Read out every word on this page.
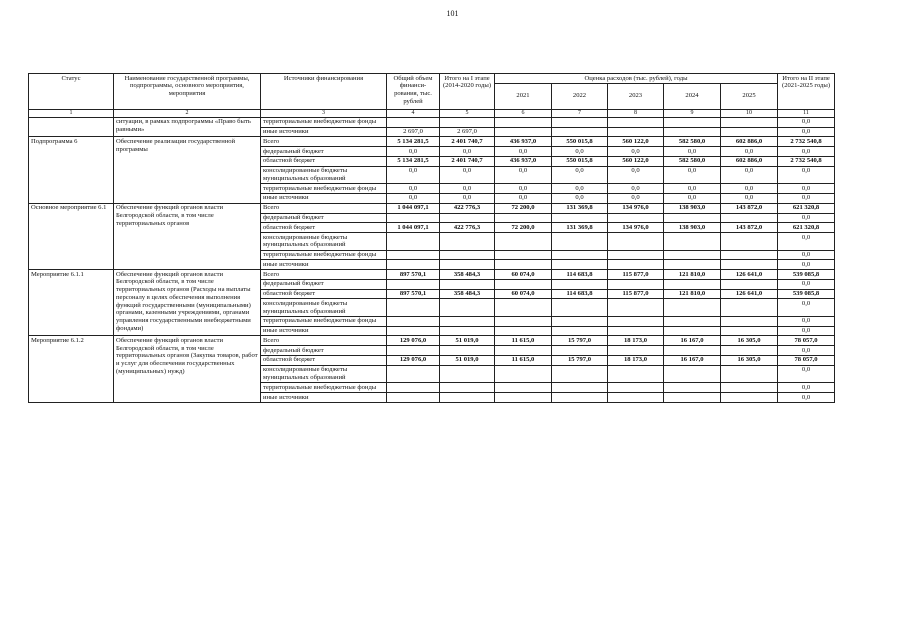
101
Статус	Наименование государственной программы, подпрограммы, основного мероприятия, мероприятия	Источники финансирования	Общий объем финанси-рования, тыс. рублей	Итого на I этапе (2014-2020 годы)	Оценка расходов (тыс. рублей), годы					Итого на II этапе (2021-2025 годы)
					2021	2022	2023	2024	2025	
1	2	3	4	5	6	7	8	9	10	11
	ситуации, в рамках подпрограммы «Право быть равными»	территориальные внебюджетные фонды								0,0
		иные источники	2 697,0	2 697,0						0,0
Подпрограмма 6	Обеспечение реализации государственной программы	Всего	5 134 281,5	2 401 740,7	436 937,0	550 015,8	560 122,0	582 580,0	602 886,0	2 732 540,8
		федеральный бюджет	0,0	0,0	0,0	0,0	0,0	0,0	0,0	0,0
		областной бюджет	5 134 281,5	2 401 740,7	436 937,0	550 015,8	560 122,0	582 580,0	602 886,0	2 732 540,8
		консолидированные бюджеты муниципальных образований	0,0	0,0	0,0	0,0	0,0	0,0	0,0	0,0
		территориальные внебюджетные фонды	0,0	0,0	0,0	0,0	0,0	0,0	0,0	0,0
		иные источники	0,0	0,0	0,0	0,0	0,0	0,0	0,0	0,0
Основное мероприятие 6.1	Обеспечение функций органов власти Белгородской области, в том числе территориальных органов	Всего	1 044 097,1	422 776,3	72 200,0	131 369,8	134 976,0	138 903,0	143 872,0	621 320,8
		федеральный бюджет								0,0
		областной бюджет	1 044 097,1	422 776,3	72 200,0	131 369,8	134 976,0	138 903,0	143 872,0	621 320,8
		консолидированные бюджеты муниципальных образований								0,0
		территориальные внебюджетные фонды								0,0
		иные источники								0,0
Мероприятие 6.1.1	Обеспечение функций органов власти Белгородской области, в том числе территориальных органов (Расходы на выплаты персоналу в целях обеспечения выполнения функций государственными (муниципальными) органами, казенными учреждениями, органами управления государственными внебюджетными фондами)	Всего	897 570,1	358 484,3	60 074,0	114 683,8	115 877,0	121 810,0	126 641,0	539 085,8
		федеральный бюджет								0,0
		областной бюджет	897 570,1	358 484,3	60 074,0	114 683,8	115 877,0	121 810,0	126 641,0	539 085,8
		консолидированные бюджеты муниципальных образований								0,0
		территориальные внебюджетные фонды								0,0
		иные источники								0,0
Мероприятие 6.1.2	Обеспечение функций органов власти Белгородской области, в том числе территориальных органов (Закупка товаров, работ и услуг для обеспечения государственных (муниципальных) нужд)	Всего	129 076,0	51 019,0	11 615,0	15 797,0	18 173,0	16 167,0	16 305,0	78 057,0
		федеральный бюджет								0,0
		областной бюджет	129 076,0	51 019,0	11 615,0	15 797,0	18 173,0	16 167,0	16 305,0	78 057,0
		консолидированные бюджеты муниципальных образований								0,0
		территориальные внебюджетные фонды								0,0
		иные источники								0,0
